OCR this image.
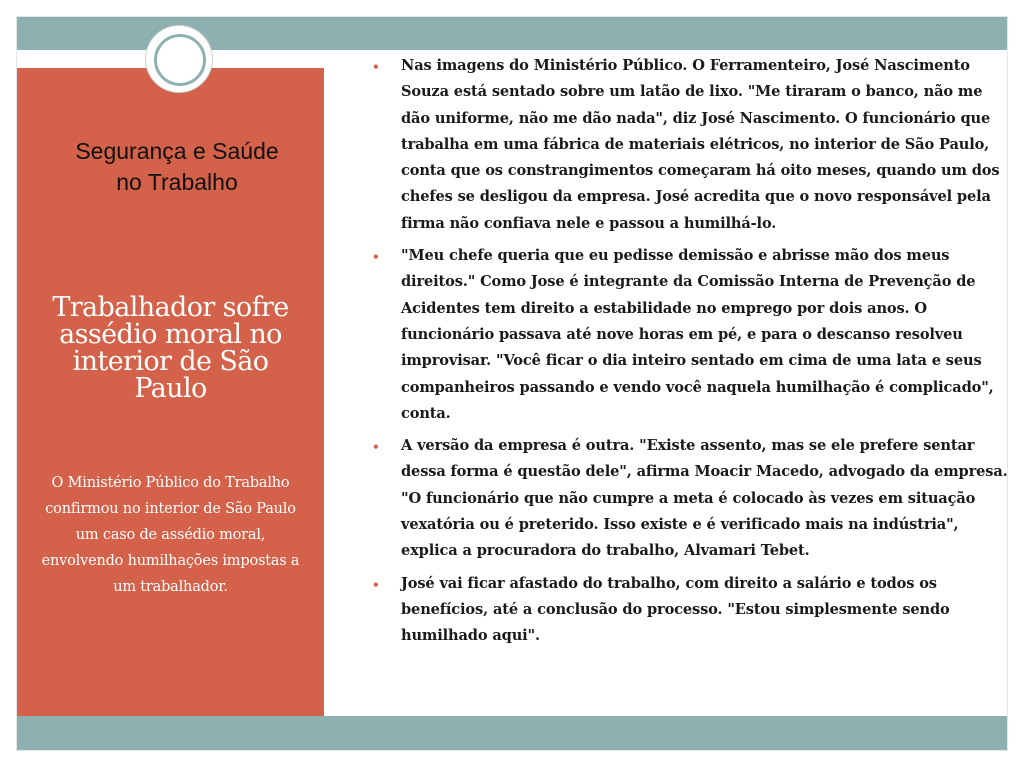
Segurança e Saúde no Trabalho
Trabalhador sofre assédio moral no interior de São Paulo
O Ministério Público do Trabalho confirmou no interior de São Paulo um caso de assédio moral, envolvendo humilhações impostas a um trabalhador.
• Nas imagens do Ministério Público. O Ferramenteiro, José Nascimento Souza está sentado sobre um latão de lixo. "Me tiraram o banco, não me dão uniforme, não me dão nada", diz José Nascimento. O funcionário que trabalha em uma fábrica de materiais elétricos, no interior de São Paulo, conta que os constrangimentos começaram há oito meses, quando um dos chefes se desligou da empresa. José acredita que o novo responsável pela firma não confiava nele e passou a humilhá-lo.
• "Meu chefe queria que eu pedisse demissão e abrisse mão dos meus direitos." Como Jose é integrante da Comissão Interna de Prevenção de Acidentes tem direito a estabilidade no emprego por dois anos. O funcionário passava até nove horas em pé, e para o descanso resolveu improvisar. "Você ficar o dia inteiro sentado em cima de uma lata e seus companheiros passando e vendo você naquela humilhação é complicado", conta.
• A versão da empresa é outra. "Existe assento, mas se ele prefere sentar dessa forma é questão dele", afirma Moacir Macedo, advogado da empresa. "O funcionário que não cumpre a meta é colocado às vezes em situação vexatória ou é preterido. Isso existe e é verificado mais na indústria", explica a procuradora do trabalho, Alvamari Tebet.
• José vai ficar afastado do trabalho, com direito a salário e todos os benefícios, até a conclusão do processo. "Estou simplesmente sendo humilhado aqui".
